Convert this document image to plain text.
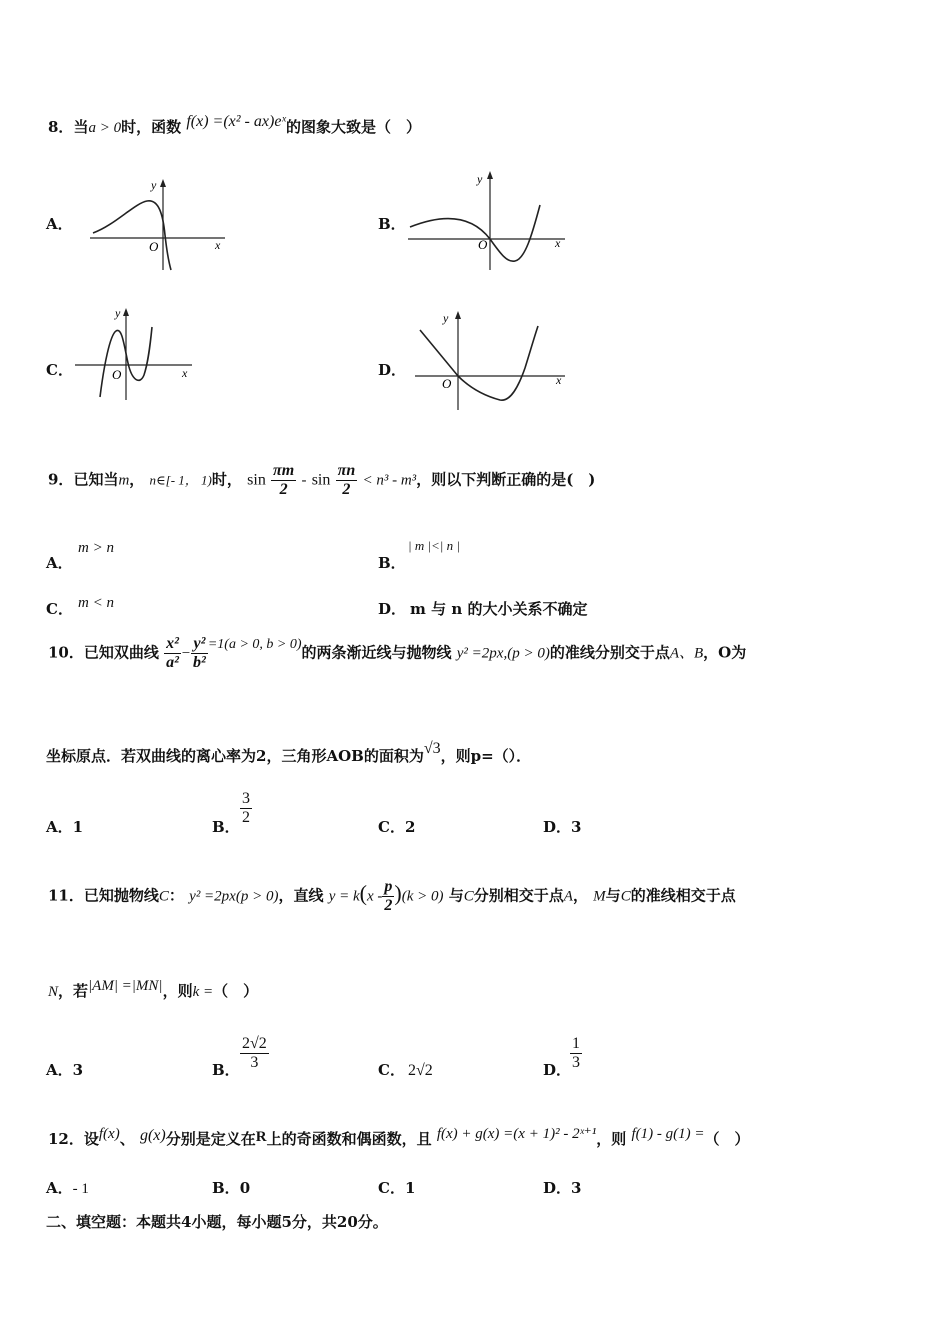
8．当a > 0时，函数 f(x) =(x² - ax)eˣ的图象大致是（　）
A．	B．
C．	D．
y
x
O
y
x
O
y
x
O
y
x
O
9．已知当m， n∈[- 1， 1)时， $\sin \frac{\pi m}{2} - \sin \frac{\pi n}{2} < n^3 - m^3$，则以下判断正确的是(　)
A．
m > n
B．
| m |<| n |
C． m < n	D． m 与 n 的大小关系不确定
10．已知双曲线 $\frac{\text{x²}}{\text{a²}} - \frac{\text{y²}}{\text{b²}} =1(a > 0$, b > 0)的两条渐近线与抛物线 y² =2px,(p > 0)的准线分别交于点A、B，O为
坐标原点．若双曲线的离心率为2，三角形AOB的面积为√3，则p=（）．
A．1	B． $\frac{3}{2}$	C．2	D．3
11．已知抛物线C： y² =2px(p > 0)，直线 $y = k(x - \frac{p}{2} )(k > 0)$ 与C分别相交于点A， M与C的准线相交于点
N，若|AM| =|MN|，则k =（　）
A．3	B． $\frac{2√2}{3}$	C． 2√2	D．
$\frac{1}{3}$
12．设f(x)、 g(x)分别是定义在R上的奇函数和偶函数，且 f(x) + g(x) =(x + 1)² - 2ˣ⁺¹，则 f(1) - g(1) =（　）
A．- 1	B．0	C．1	D．3
二、填空题：本题共4小题，每小题5分，共20分。
